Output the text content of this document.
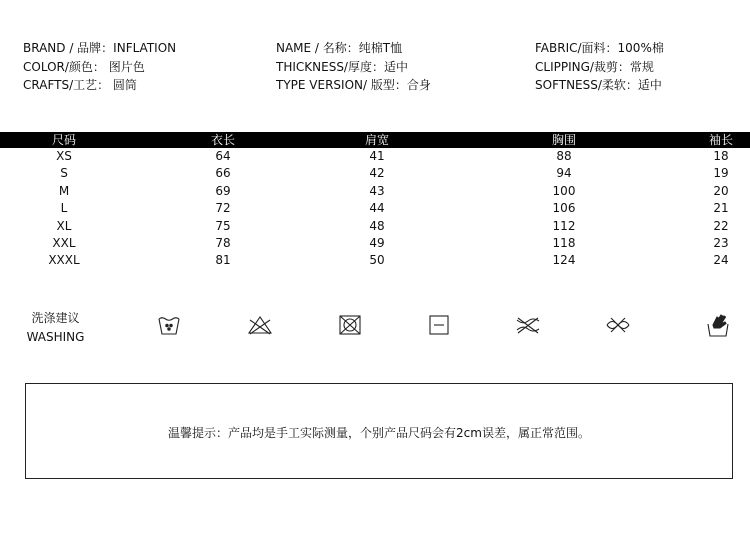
BRAND / 品牌：INFLATION
COLOR/颜色： 图片色
CRAFTS/工艺： 圆筒
NAME / 名称：纯棉T恤
THICKNESS/厚度：适中
TYPE VERSION/ 版型：合身
FABRIC/面料：100%棉
CLIPPING/裁剪：常规
SOFTNESS/柔软：适中
尺码	衣长	肩宽	胸围	袖长
XS	64	41	88	18
S	66	42	94	19
M	69	43	100	20
L	72	44	106	21
XL	75	48	112	22
XXL	78	49	118	23
XXXL	81	50	124	24
洗涤建议
WASHING
温馨提示：产品均是手工实际测量，个别产品尺码会有2cm误差，属正常范围。
